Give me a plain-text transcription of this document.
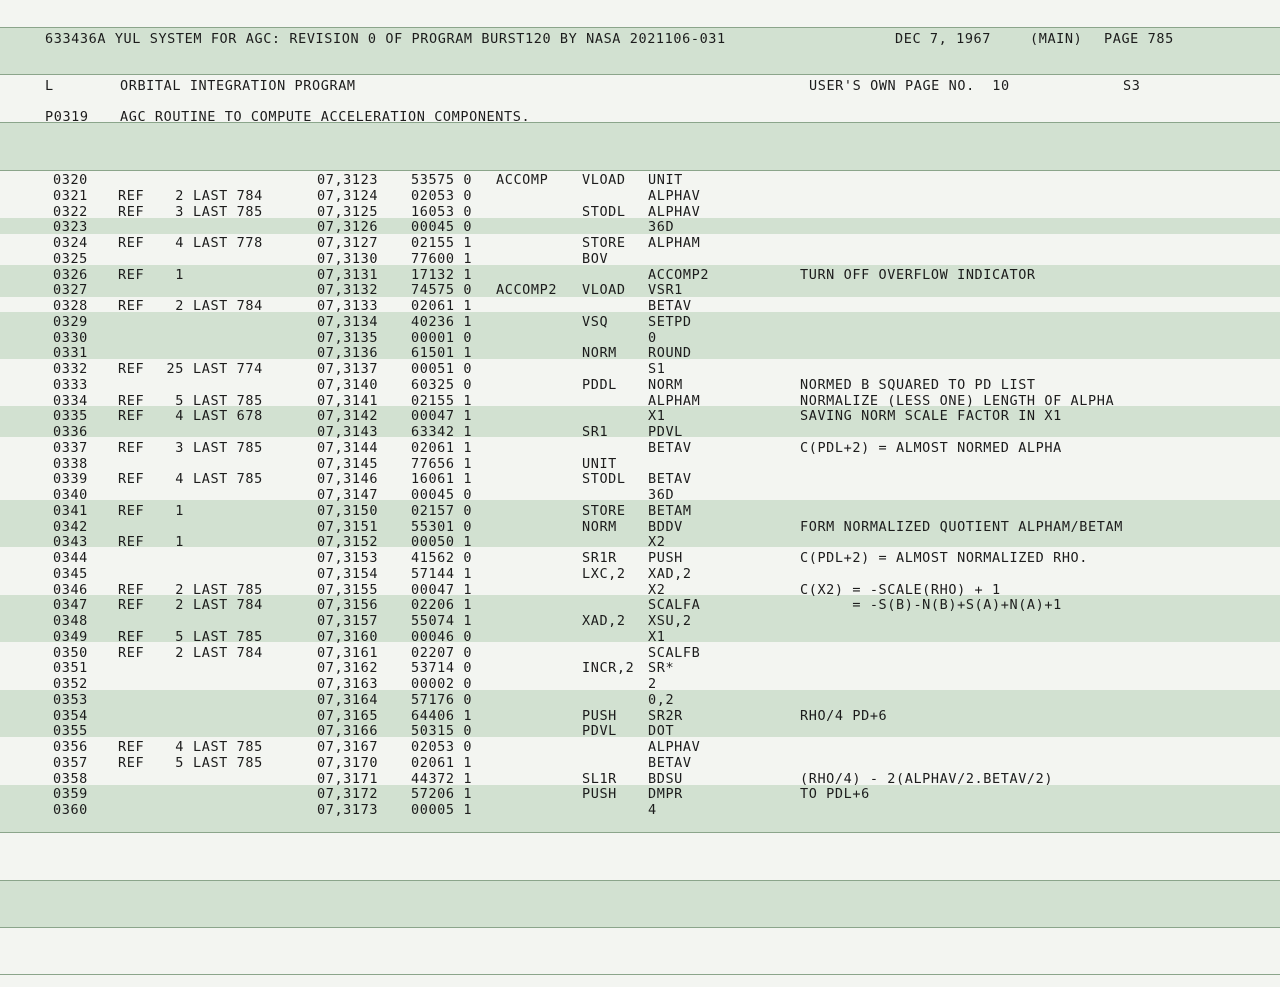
633436A YUL SYSTEM FOR AGC: REVISION 0 OF PROGRAM BURST120 BY NASA 2021106-031	DEC 7, 1967	(MAIN) PAGE 785
L	ORBITAL INTEGRATION PROGRAM	USER'S OWN PAGE NO.  10	S3
P0319 AGC ROUTINE TO COMPUTE ACCELERATION COMPONENTS.
0320	07,3123 53575 0 ACCOMP VLOAD UNIT
0321 REF	2 LAST 784	07,3124 02053 0	ALPHAV
0322 REF	3 LAST 785	07,3125 16053 0	STODL ALPHAV
0323	07,3126 00045 0	36D
0324 REF	4 LAST 778	07,3127 02155 1	STORE ALPHAM
0325	07,3130 77600 1	BOV
0326 REF	1	07,3131 17132 1	ACCOMP2	TURN OFF OVERFLOW INDICATOR
0327	07,3132 74575 0 ACCOMP2 VLOAD VSR1
0328 REF	2 LAST 784	07,3133 02061 1	BETAV
0329	07,3134 40236 1	VSQ	SETPD
0330	07,3135 00001 0	0
0331	07,3136 61501 1	NORM ROUND
0332 REF 25 LAST 774	07,3137 00051 0	S1
0333	07,3140 60325 0	PDDL NORM	NORMED B SQUARED TO PD LIST
0334 REF	5 LAST 785	07,3141 02155 1	ALPHAM	NORMALIZE (LESS ONE) LENGTH OF ALPHA
0335 REF	4 LAST 678	07,3142 00047 1	X1	SAVING NORM SCALE FACTOR IN X1
0336	07,3143 63342 1	SR1	PDVL
0337 REF	3 LAST 785	07,3144 02061 1	BETAV	C(PDL+2) = ALMOST NORMED ALPHA
0338	07,3145 77656 1	UNIT
0339 REF	4 LAST 785	07,3146 16061 1	STODL BETAV
0340	07,3147 00045 0	36D
0341 REF	1	07,3150 02157 0	STORE BETAM
0342	07,3151 55301 0	NORM BDDV	FORM NORMALIZED QUOTIENT ALPHAM/BETAM
0343 REF	1	07,3152 00050 1	X2
0344	07,3153 41562 0	SR1R PUSH	C(PDL+2) = ALMOST NORMALIZED RHO.
0345	07,3154 57144 1	LXC,2 XAD,2
0346 REF	2 LAST 785	07,3155 00047 1	X2	C(X2) = -SCALE(RHO) + 1
0347 REF	2 LAST 784	07,3156 02206 1	SCALFA	= -S(B)-N(B)+S(A)+N(A)+1
0348	07,3157 55074 1	XAD,2 XSU,2
0349 REF	5 LAST 785	07,3160 00046 0	X1
0350 REF	2 LAST 784	07,3161 02207 0	SCALFB
0351	07,3162 53714 0	INCR,2 SR*
0352	07,3163 00002 0	2
0353	07,3164 57176 0	0,2
0354	07,3165 64406 1	PUSH SR2R	RHO/4 PD+6
0355	07,3166 50315 0	PDVL DOT
0356 REF	4 LAST 785	07,3167 02053 0	ALPHAV
0357 REF	5 LAST 785	07,3170 02061 1	BETAV
0358	07,3171 44372 1	SL1R BDSU	(RHO/4) - 2(ALPHAV/2.BETAV/2)
0359	07,3172 57206 1	PUSH DMPR	TO PDL+6
0360	07,3173 00005 1	4
